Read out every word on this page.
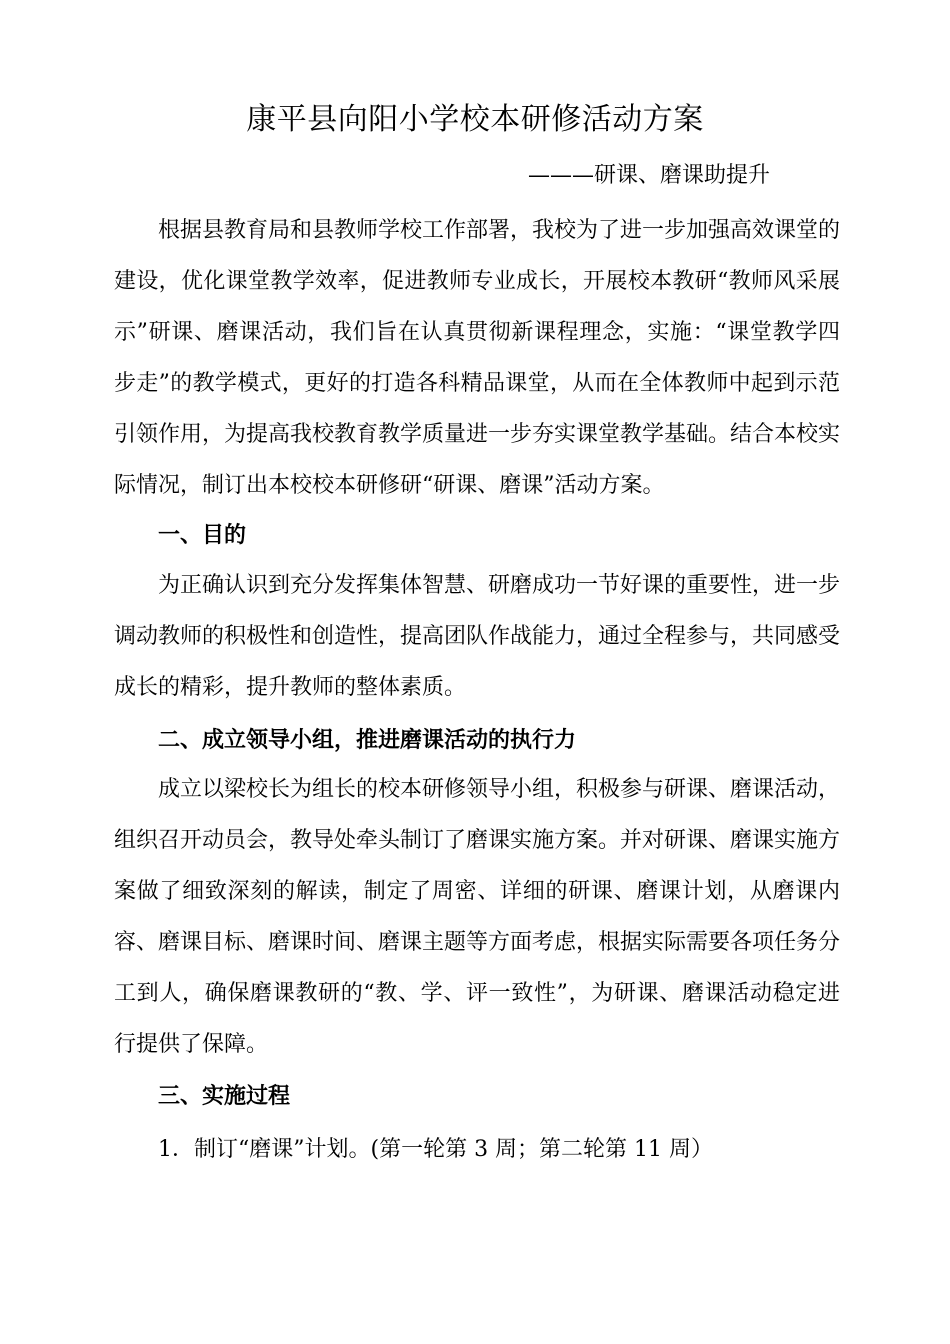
康平县向阳小学校本研修活动方案

———研课、磨课助提升

根据县教育局和县教师学校工作部署，我校为了进一步加强高效课堂的建设，优化课堂教学效率，促进教师专业成长，开展校本教研“教师风采展示”研课、磨课活动，我们旨在认真贯彻新课程理念，实施：“课堂教学四步走”的教学模式，更好的打造各科精品课堂，从而在全体教师中起到示范引领作用，为提高我校教育教学质量进一步夯实课堂教学基础。结合本校实际情况，制订出本校校本研修研“研课、磨课”活动方案。

一、目的

为正确认识到充分发挥集体智慧、研磨成功一节好课的重要性，进一步调动教师的积极性和创造性，提高团队作战能力，通过全程参与，共同感受成长的精彩，提升教师的整体素质。

二、成立领导小组，推进磨课活动的执行力

成立以梁校长为组长的校本研修领导小组，积极参与研课、磨课活动，组织召开动员会，教导处牵头制订了磨课实施方案。并对研课、磨课实施方案做了细致深刻的解读，制定了周密、详细的研课、磨课计划，从磨课内容、磨课目标、磨课时间、磨课主题等方面考虑，根据实际需要各项任务分工到人，确保磨课教研的“教、学、评一致性”，为研课、磨课活动稳定进行提供了保障。

三、实施过程

1．制订“磨课”计划。(第一轮第 3 周；第二轮第 11 周）
